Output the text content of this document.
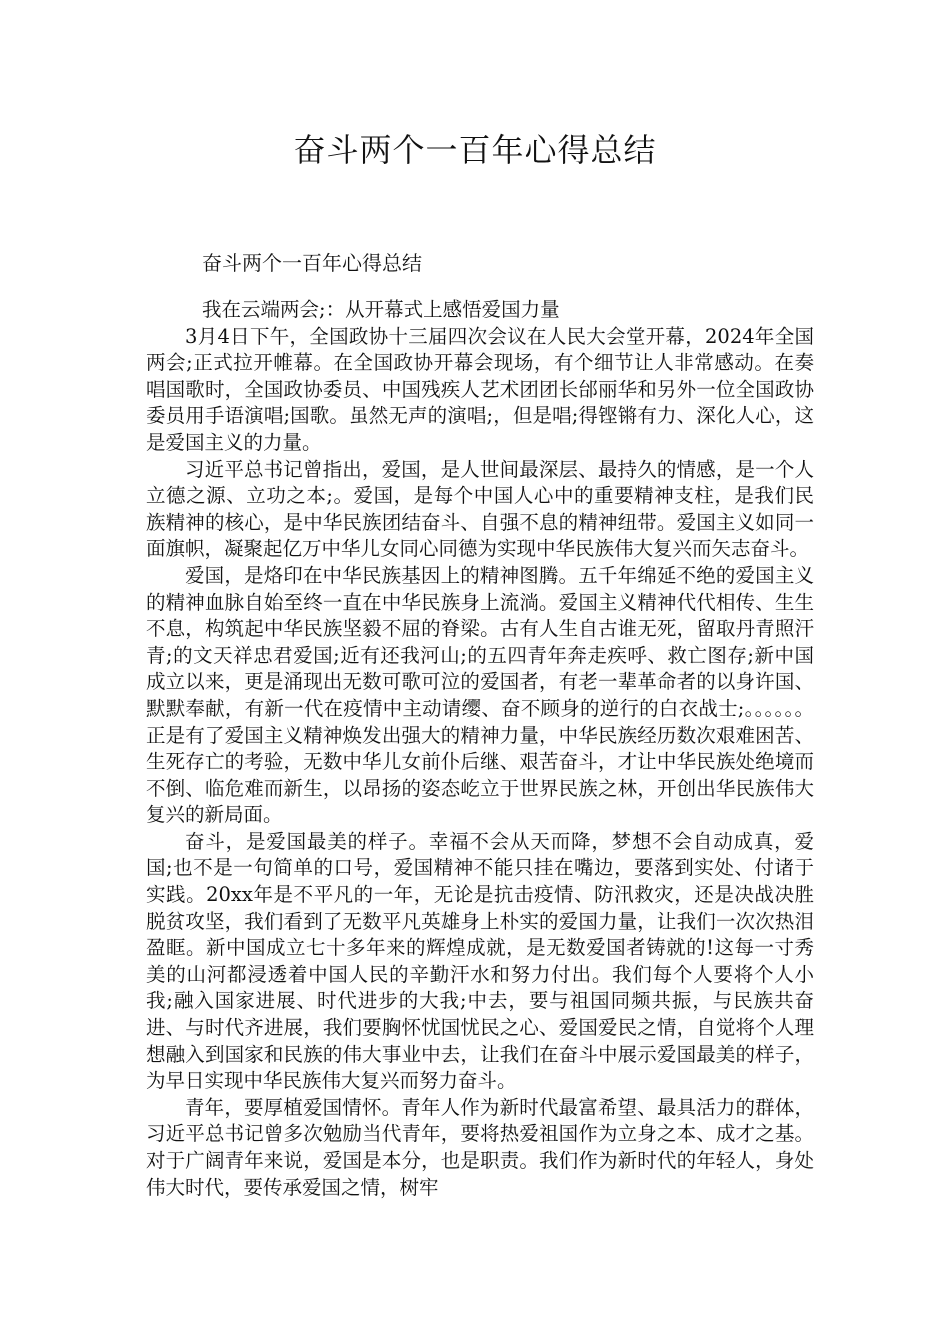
奋斗两个一百年心得总结

奋斗两个一百年心得总结

我在云端两会;：从开幕式上感悟爱国力量

3月4日下午，全国政协十三届四次会议在人民大会堂开幕，2024年全国两会;正式拉开帷幕。在全国政协开幕会现场，有个细节让人非常感动。在奏唱国歌时，全国政协委员、中国残疾人艺术团团长邰丽华和另外一位全国政协委员用手语演唱;国歌。虽然无声的演唱;，但是唱;得铿锵有力、深化人心，这是爱国主义的力量。

习近平总书记曾指出，爱国，是人世间最深层、最持久的情感，是一个人立德之源、立功之本;。爱国，是每个中国人心中的重要精神支柱，是我们民族精神的核心，是中华民族团结奋斗、自强不息的精神纽带。爱国主义如同一面旗帜，凝聚起亿万中华儿女同心同德为实现中华民族伟大复兴而矢志奋斗。

爱国，是烙印在中华民族基因上的精神图腾。五千年绵延不绝的爱国主义的精神血脉自始至终一直在中华民族身上流淌。爱国主义精神代代相传、生生不息，构筑起中华民族坚毅不屈的脊梁。古有人生自古谁无死，留取丹青照汗青;的文天祥忠君爱国;近有还我河山;的五四青年奔走疾呼、救亡图存;新中国成立以来，更是涌现出无数可歌可泣的爱国者，有老一辈革命者的以身许国、默默奉献，有新一代在疫情中主动请缨、奋不顾身的逆行的白衣战士;。。。。。。正是有了爱国主义精神焕发出强大的精神力量，中华民族经历数次艰难困苦、生死存亡的考验，无数中华儿女前仆后继、艰苦奋斗，才让中华民族处绝境而不倒、临危难而新生，以昂扬的姿态屹立于世界民族之林，开创出华民族伟大复兴的新局面。

奋斗，是爱国最美的样子。幸福不会从天而降，梦想不会自动成真，爱国;也不是一句简单的口号，爱国精神不能只挂在嘴边，要落到实处、付诸于实践。20xx年是不平凡的一年，无论是抗击疫情、防汛救灾，还是决战决胜脱贫攻坚，我们看到了无数平凡英雄身上朴实的爱国力量，让我们一次次热泪盈眶。新中国成立七十多年来的辉煌成就，是无数爱国者铸就的!这每一寸秀美的山河都浸透着中国人民的辛勤汗水和努力付出。我们每个人要将个人小我;融入国家进展、时代进步的大我;中去，要与祖国同频共振，与民族共奋进、与时代齐进展，我们要胸怀忧国忧民之心、爱国爱民之情，自觉将个人理想融入到国家和民族的伟大事业中去，让我们在奋斗中展示爱国最美的样子，为早日实现中华民族伟大复兴而努力奋斗。

青年，要厚植爱国情怀。青年人作为新时代最富希望、最具活力的群体，习近平总书记曾多次勉励当代青年，要将热爱祖国作为立身之本、成才之基。对于广阔青年来说，爱国是本分，也是职责。我们作为新时代的年轻人，身处伟大时代，要传承爱国之情，树牢
